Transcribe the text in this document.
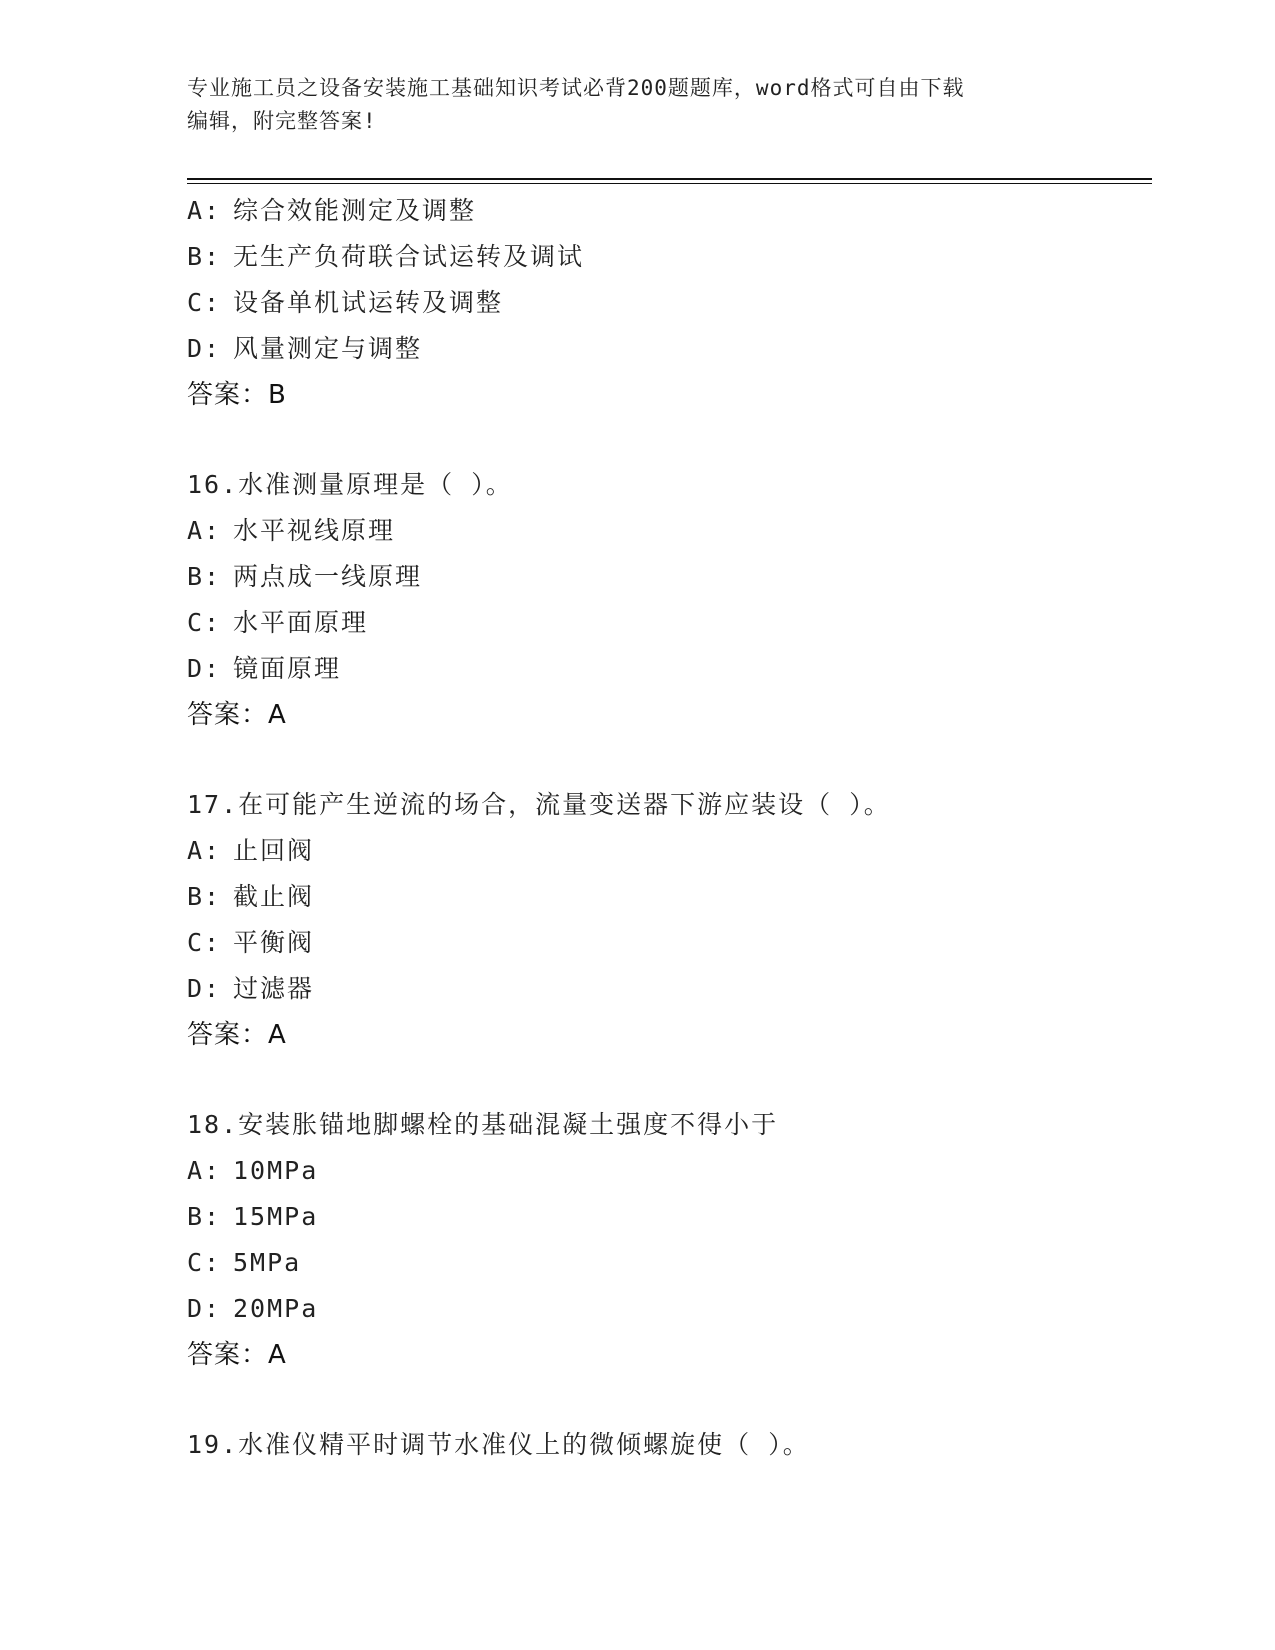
专业施工员之设备安装施工基础知识考试必背200题题库，word格式可自由下载
编辑，附完整答案!
A: 综合效能测定及调整
B: 无生产负荷联合试运转及调试
C: 设备单机试运转及调整
D: 风量测定与调整
答案：B
16.水准测量原理是（ ）。
A: 水平视线原理
B: 两点成一线原理
C: 水平面原理
D: 镜面原理
答案：A
17.在可能产生逆流的场合，流量变送器下游应装设（ ）。
A: 止回阀
B: 截止阀
C: 平衡阀
D: 过滤器
答案：A
18.安装胀锚地脚螺栓的基础混凝土强度不得小于
A: 10MPa
B: 15MPa
C: 5MPa
D: 20MPa
答案：A
19.水准仪精平时调节水准仪上的微倾螺旋使（ ）。
